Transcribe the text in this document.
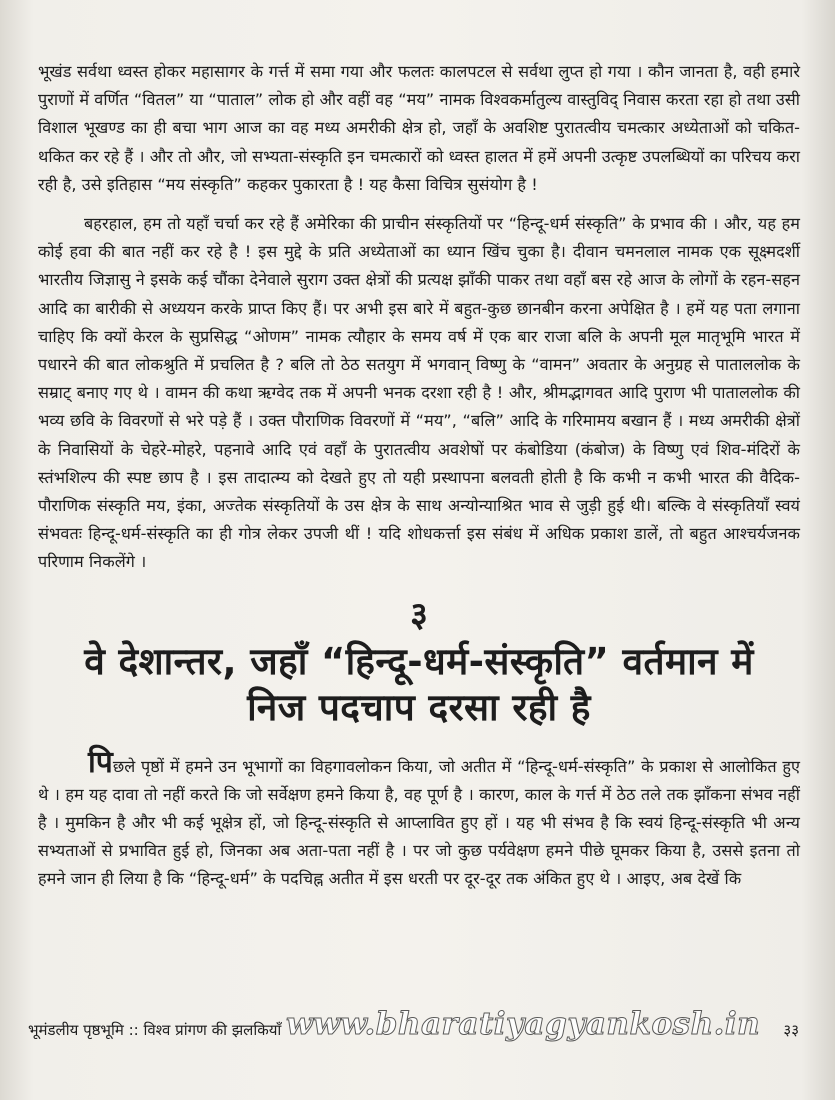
भूखंड सर्वथा ध्वस्त होकर महासागर के गर्त्त में समा गया और फलतः कालपटल से सर्वथा लुप्त हो गया । कौन जानता है, वही हमारे पुराणों में वर्णित “वितल” या “पाताल” लोक हो और वहीं वह “मय” नामक विश्वकर्मातुल्य वास्तुविद् निवास करता रहा हो तथा उसी विशाल भूखण्ड का ही बचा भाग आज का वह मध्य अमरीकी क्षेत्र हो, जहाँ के अवशिष्ट पुरातत्वीय चमत्कार अध्येताओं को चकित-थकित कर रहे हैं । और तो और, जो सभ्यता-संस्कृति इन चमत्कारों को ध्वस्त हालत में हमें अपनी उत्कृष्ट उपलब्धियों का परिचय करा रही है, उसे इतिहास “मय संस्कृति” कहकर पुकारता है ! यह कैसा विचित्र सुसंयोग है !

बहरहाल, हम तो यहाँ चर्चा कर रहे हैं अमेरिका की प्राचीन संस्कृतियों पर “हिन्दू-धर्म संस्कृति” के प्रभाव की । और, यह हम कोई हवा की बात नहीं कर रहे है ! इस मुद्दे के प्रति अध्येताओं का ध्यान खिंच चुका है। दीवान चमनलाल नामक एक सूक्ष्मदर्शी भारतीय जिज्ञासु ने इसके कई चौंका देनेवाले सुराग उक्त क्षेत्रों की प्रत्यक्ष झाँकी पाकर तथा वहाँ बस रहे आज के लोगों के रहन-सहन आदि का बारीकी से अध्ययन करके प्राप्त किए हैं। पर अभी इस बारे में बहुत-कुछ छानबीन करना अपेक्षित है । हमें यह पता लगाना चाहिए कि क्यों केरल के सुप्रसिद्ध “ओणम” नामक त्यौहार के समय वर्ष में एक बार राजा बलि के अपनी मूल मातृभूमि भारत में पधारने की बात लोकश्रुति में प्रचलित है ? बलि तो ठेठ सतयुग में भगवान् विष्णु के “वामन” अवतार के अनुग्रह से पाताललोक के सम्राट् बनाए गए थे । वामन की कथा ऋग्वेद तक में अपनी भनक दरशा रही है ! और, श्रीमद्भागवत आदि पुराण भी पाताललोक की भव्य छवि के विवरणों से भरे पड़े हैं । उक्त पौराणिक विवरणों में “मय”, “बलि” आदि के गरिमामय बखान हैं । मध्य अमरीकी क्षेत्रों के निवासियों के चेहरे-मोहरे, पहनावे आदि एवं वहाँ के पुरातत्वीय अवशेषों पर कंबोडिया (कंबोज) के विष्णु एवं शिव-मंदिरों के स्तंभशिल्प की स्पष्ट छाप है । इस तादात्म्य को देखते हुए तो यही प्रस्थापना बलवती होती है कि कभी न कभी भारत की वैदिक-पौराणिक संस्कृति मय, इंका, अज्तेक संस्कृतियों के उस क्षेत्र के साथ अन्योन्याश्रित भाव से जुड़ी हुई थी। बल्कि वे संस्कृतियाँ स्वयं संभवतः हिन्दू-धर्म-संस्कृति का ही गोत्र लेकर उपजी थीं ! यदि शोधकर्त्ता इस संबंध में अधिक प्रकाश डालें, तो बहुत आश्चर्यजनक परिणाम निकलेंगे ।

३
वे देशान्तर, जहाँ “हिन्दू-धर्म-संस्कृति” वर्तमान में
निज पदचाप दरसा रही है

पिछले पृष्ठों में हमने उन भूभागों का विहगावलोकन किया, जो अतीत में “हिन्दू-धर्म-संस्कृति” के प्रकाश से आलोकित हुए थे । हम यह दावा तो नहीं करते कि जो सर्वेक्षण हमने किया है, वह पूर्ण है । कारण, काल के गर्त्त में ठेठ तले तक झाँकना संभव नहीं है । मुमकिन है और भी कई भूक्षेत्र हों, जो हिन्दू-संस्कृति से आप्लावित हुए हों । यह भी संभव है कि स्वयं हिन्दू-संस्कृति भी अन्य सभ्यताओं से प्रभावित हुई हो, जिनका अब अता-पता नहीं है । पर जो कुछ पर्यवेक्षण हमने पीछे घूमकर किया है, उससे इतना तो हमने जान ही लिया है कि “हिन्दू-धर्म” के पदचिह्न अतीत में इस धरती पर दूर-दूर तक अंकित हुए थे । आइए, अब देखें कि

भूमंडलीय पृष्ठभूमि :: विश्व प्रांगण की झलकियाँ	३३
www.bharatiyagyankosh.in
